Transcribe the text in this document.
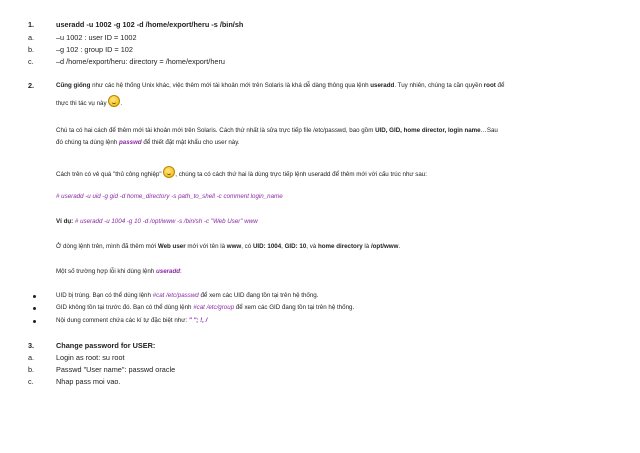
1.	useradd -u 1002 -g 102 -d /home/export/heru -s /bin/sh
a.	–u 1002 : user ID = 1002
b.	–g 102 : group ID = 102
c.	–d /home/export/heru: directory = /home/export/heru
2.	Cũng giống như các hệ thống Unix khác, việc thêm mới tài khoản mới trên Solaris là khá dễ dàng thông qua lệnh useradd. Tuy nhiên, chúng ta cần quyền root để
thực thi tác vụ này .
Chú ta có hai cách để thêm mới tài khoản mới trên Solaris. Cách thứ nhất là sửa trực tiếp file /etc/passwd, bao gồm UID, GID, home director, login name…Sau
đó chúng ta dùng lệnh passwd để thiết đặt mật khẩu cho user này.
Cách trên có vẻ quá "thủ công nghiệp" , chúng ta có cách thứ hai là dùng trực tiếp lệnh useradd để thêm mới với cấu trúc như sau:
# useradd -u uid -g gid -d home_directory -s path_to_shell -c comment login_name
Ví dụ: # useradd -u 1004 -g 10 -d /opt/www -s /bin/sh -c "Web User" www
Ở dòng lệnh trên, mình đã thêm mới Web user mới với tên là www, có UID: 1004, GID: 10, và home directory là /opt/www.
Một số trường hợp lỗi khi dùng lệnh useradd:
UID bị trùng. Bạn có thể dùng lệnh #cat /etc/passwd để xem các UID đang tồn tại trên hệ thống.
GID không tồn tại trước đó. Bạn có thể dùng lệnh #cat /etc/group để xem các GID đang tồn tại trên hệ thống.
Nội dung comment chứa các kí tự đặc biệt như: " "; !, /
3.	Change password for USER:
a.	Login as root: su root
b.	Passwd "User name": passwd oracle
c.	Nhap pass moi vao.
